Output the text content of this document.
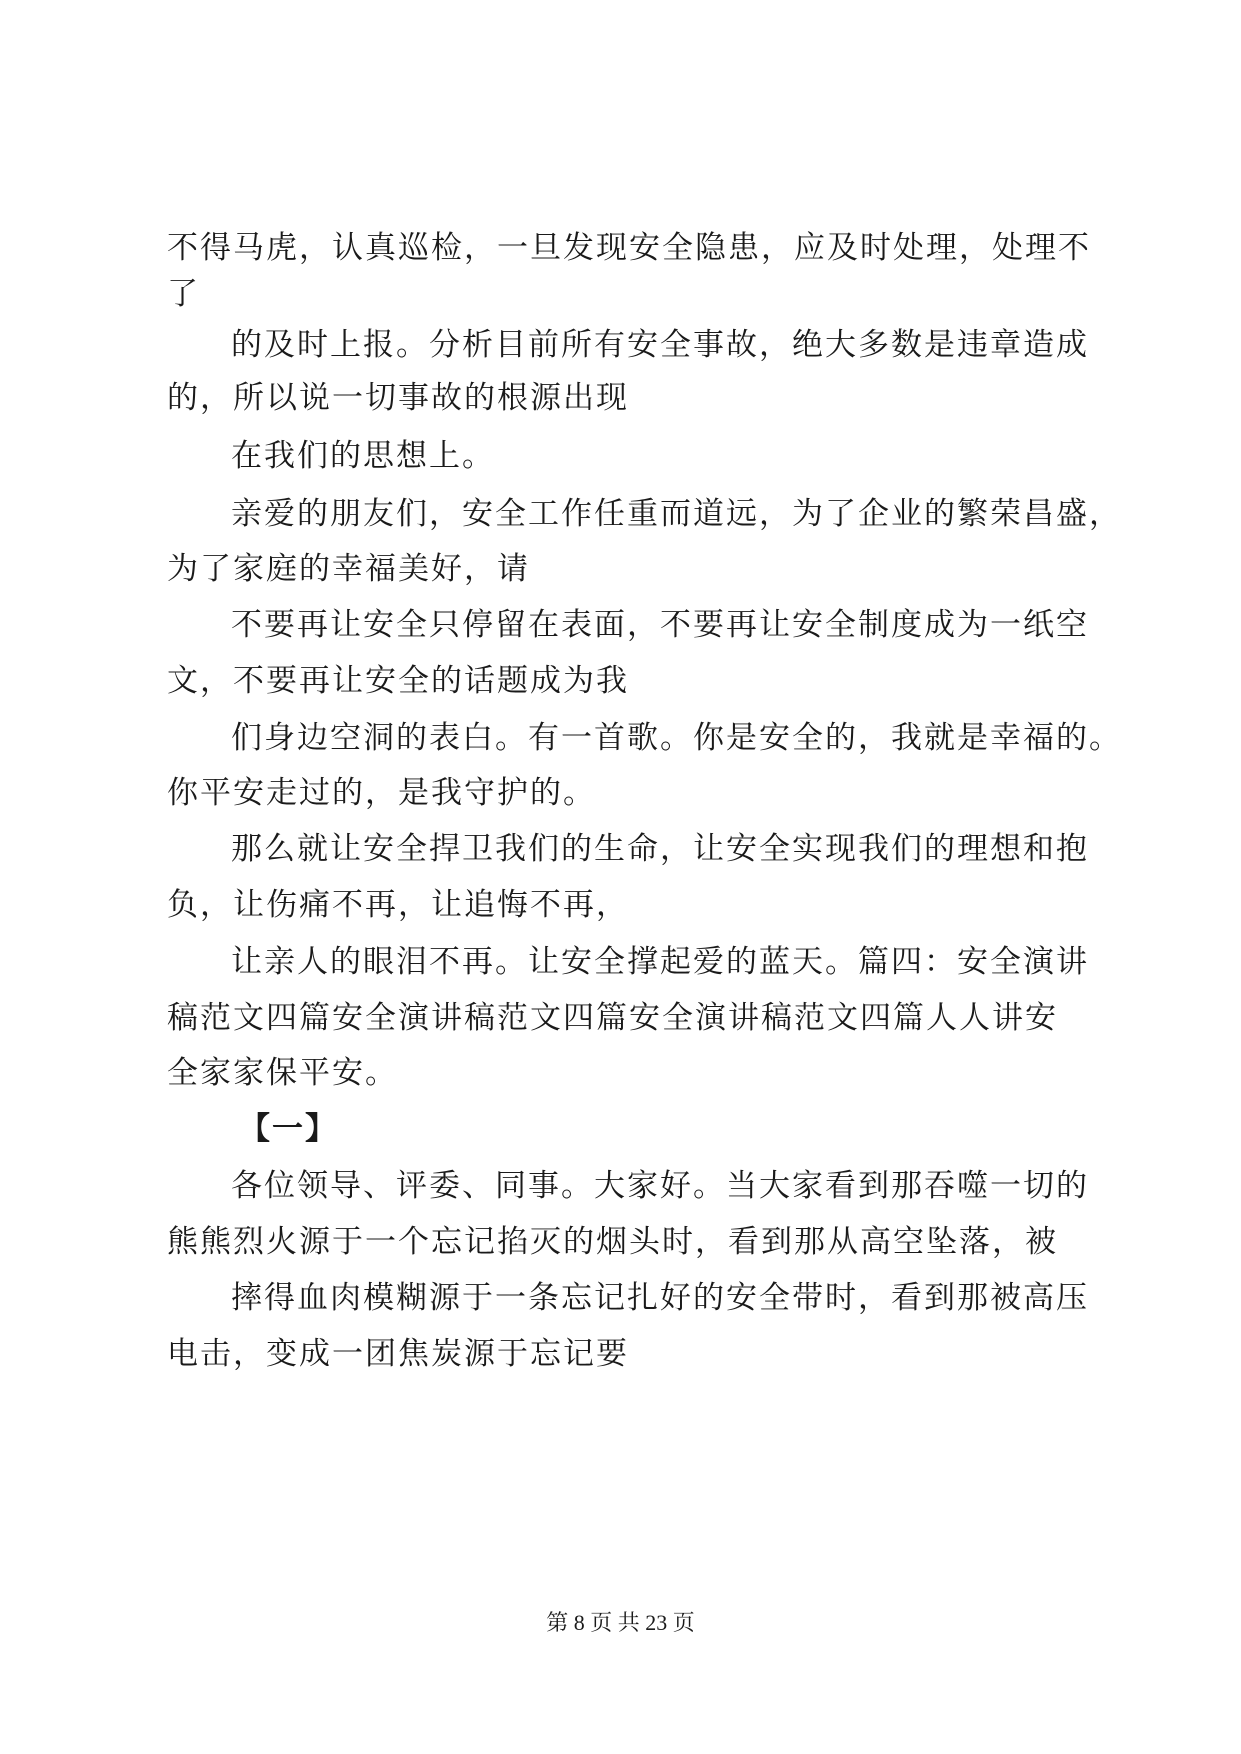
不得马虎，认真巡检，一旦发现安全隐患，应及时处理，处理不
了
的及时上报。分析目前所有安全事故，绝大多数是违章造成
的，所以说一切事故的根源出现
在我们的思想上。
亲爱的朋友们，安全工作任重而道远，为了企业的繁荣昌盛，
为了家庭的幸福美好，请
不要再让安全只停留在表面，不要再让安全制度成为一纸空
文，不要再让安全的话题成为我
们身边空洞的表白。有一首歌。你是安全的，我就是幸福的。
你平安走过的，是我守护的。
那么就让安全捍卫我们的生命，让安全实现我们的理想和抱
负，让伤痛不再，让追悔不再，
让亲人的眼泪不再。让安全撑起爱的蓝天。篇四：安全演讲
稿范文四篇安全演讲稿范文四篇安全演讲稿范文四篇人人讲安
全家家保平安。
【一】
各位领导、评委、同事。大家好。当大家看到那吞噬一切的
熊熊烈火源于一个忘记掐灭的烟头时，看到那从高空坠落，被
摔得血肉模糊源于一条忘记扎好的安全带时，看到那被高压
电击，变成一团焦炭源于忘记要
第 8 页 共 23 页
